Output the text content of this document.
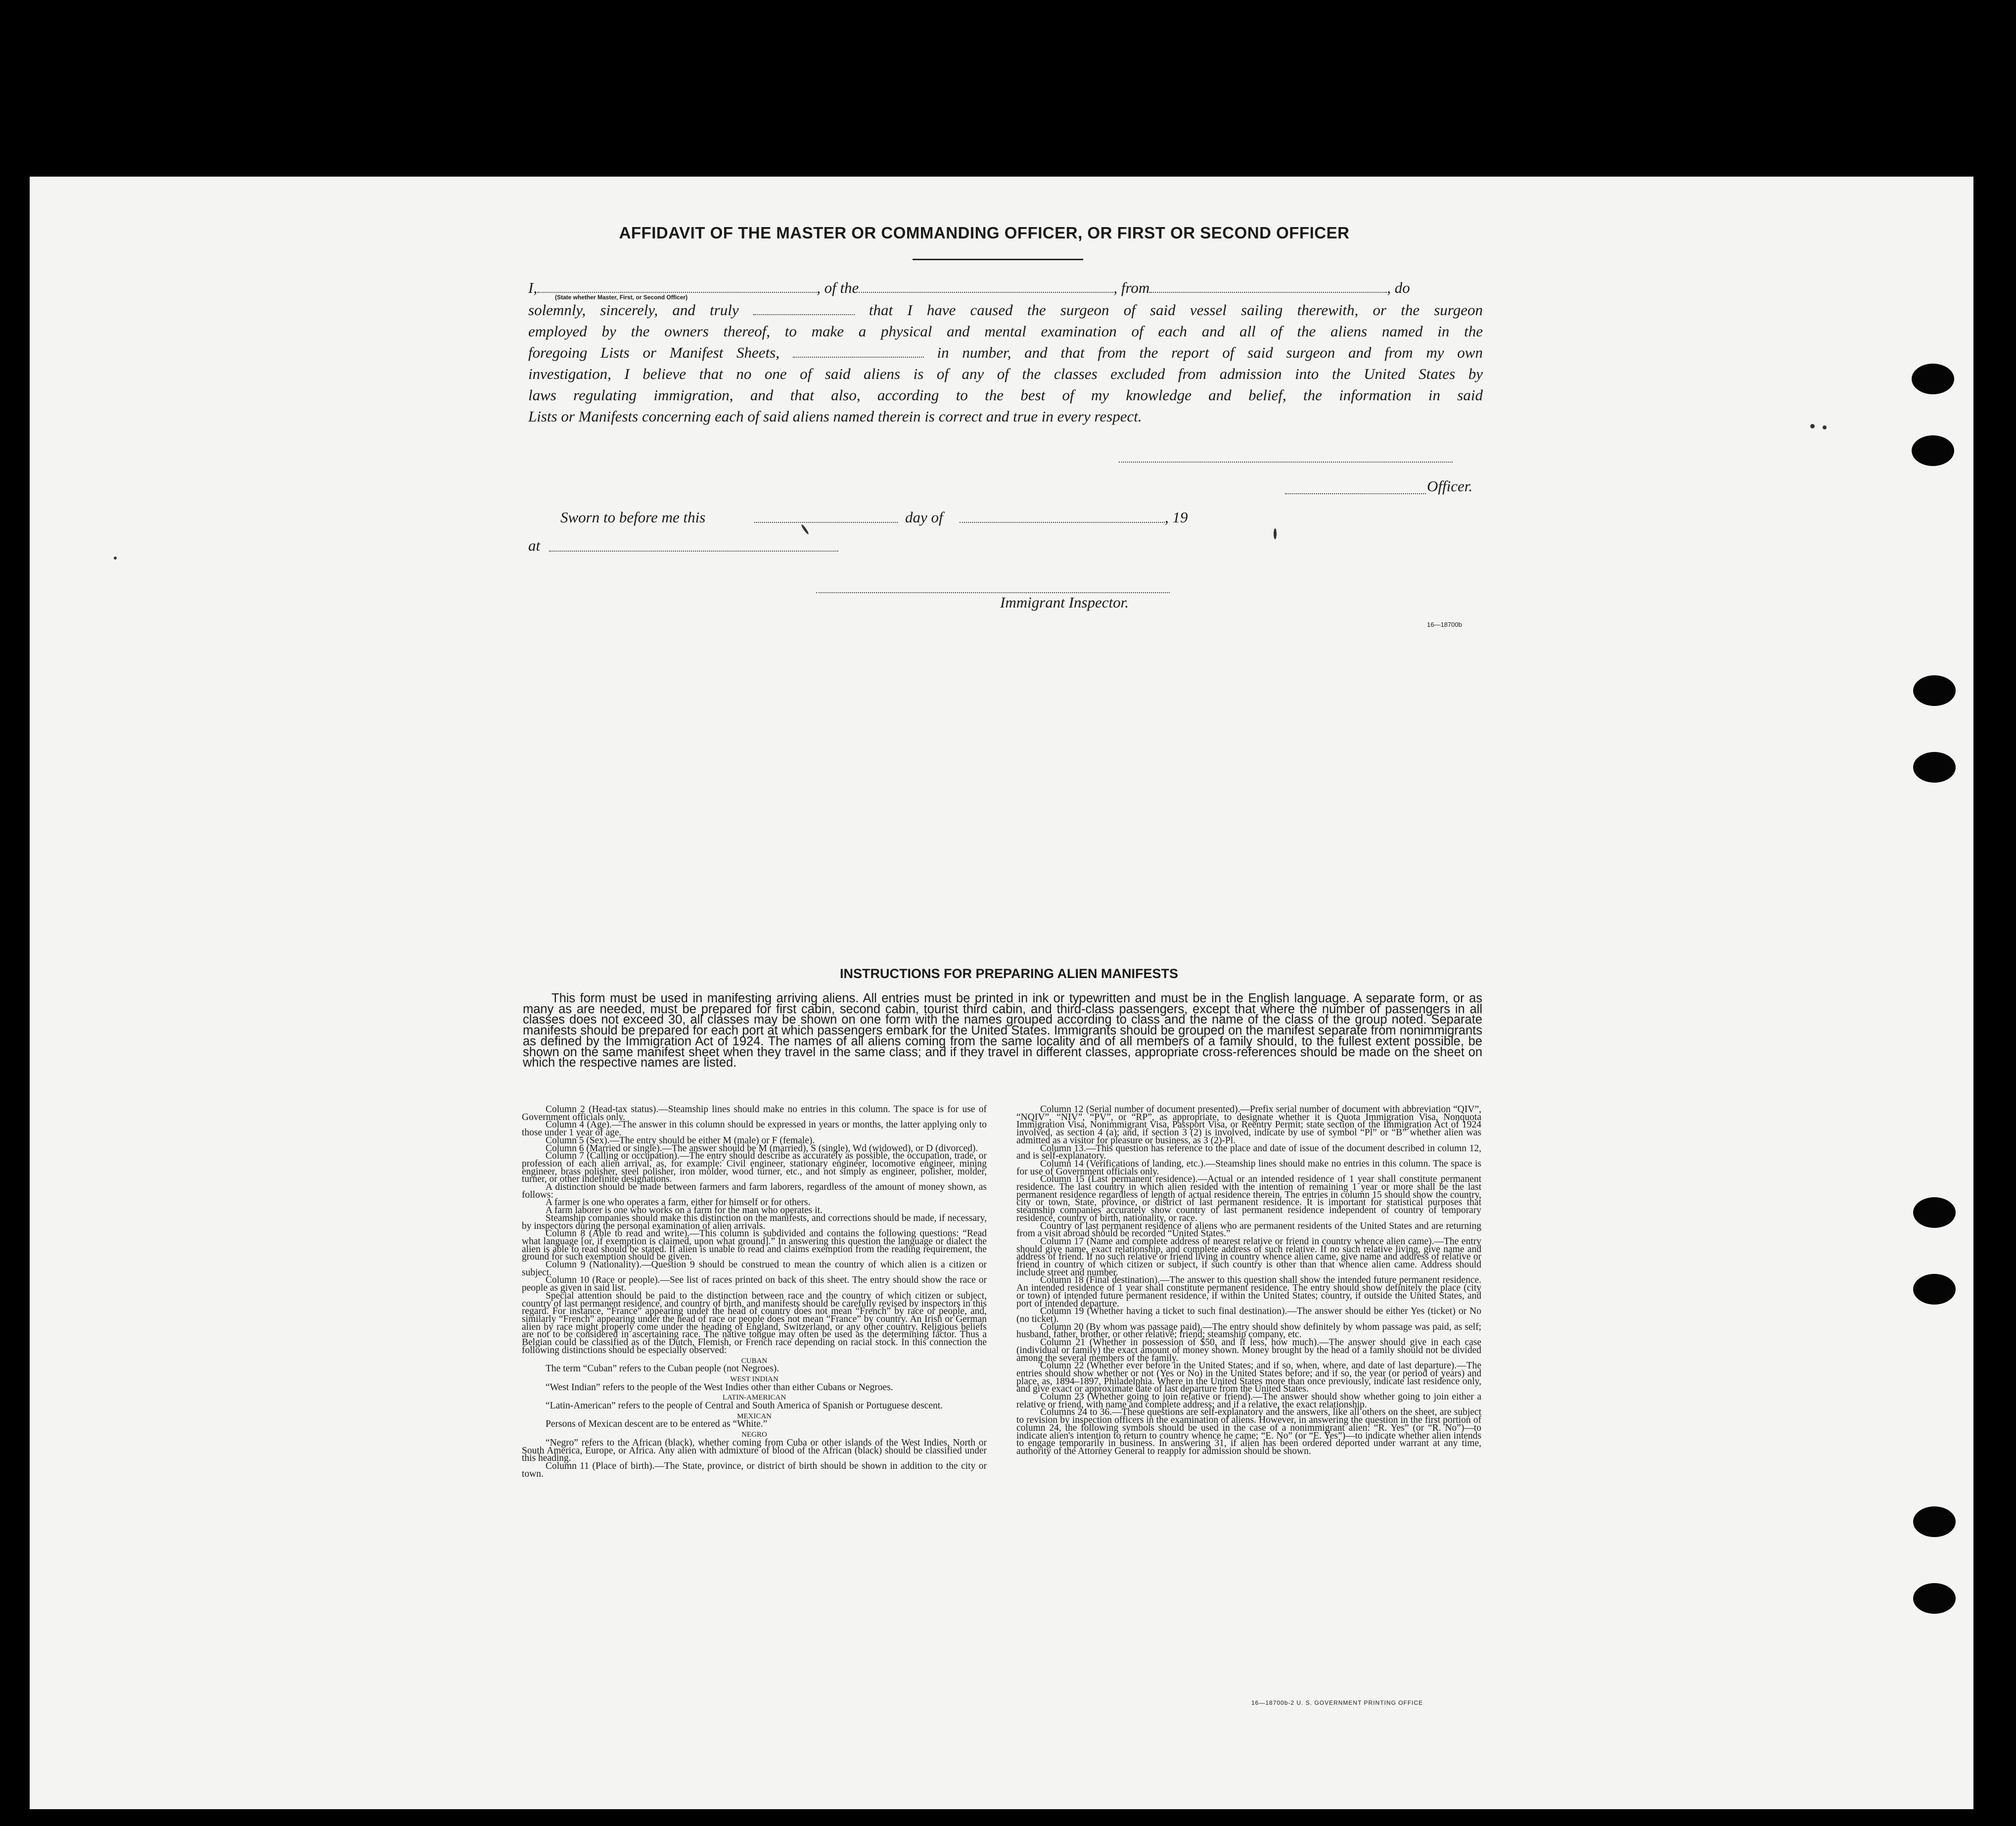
AFFIDAVIT OF THE MASTER OR COMMANDING OFFICER, OR FIRST OR SECOND OFFICER
I,	, of the	, from	, do
(State whether Master, First, or Second Officer)
solemnly, sincerely, and truly	that I have caused the surgeon of said vessel sailing therewith, or the surgeon
employed by the owners thereof, to make a physical and mental examination of each and all of the aliens named in the
foregoing Lists or Manifest Sheets,	in number, and that from the report of said surgeon and from my own
investigation, I believe that no one of said aliens is of any of the classes excluded from admission into the United States by
laws regulating immigration, and that also, according to the best of my knowledge and belief, the information in said
Lists or Manifests concerning each of said aliens named therein is correct and true in every respect.
Officer.
Sworn to before me this	day of	, 19
at
Immigrant Inspector.
16—18700b
INSTRUCTIONS FOR PREPARING ALIEN MANIFESTS
This form must be used in manifesting arriving aliens. All entries must be printed in ink or typewritten and must be in the English language. A separate form, or as many as are needed, must be prepared for first cabin, second cabin, tourist third cabin, and third-class passengers, except that where the number of passengers in all classes does not exceed 30, all classes may be shown on one form with the names grouped according to class and the name of the class of the group noted. Separate manifests should be prepared for each port at which passengers embark for the United States. Immigrants should be grouped on the manifest separate from nonimmigrants as defined by the Immigration Act of 1924. The names of all aliens coming from the same locality and of all members of a family should, to the fullest extent possible, be shown on the same manifest sheet when they travel in the same class; and if they travel in different classes, appropriate cross-references should be made on the sheet on which the respective names are listed.

Column 2 (Head-tax status).—Steamship lines should make no entries in this column. The space is for use of Government officials only.

Column 4 (Age).—The answer in this column should be expressed in years or months, the latter applying only to those under 1 year of age.

Column 5 (Sex).—The entry should be either M (male) or F (female).

Column 6 (Married or single).—The answer should be M (married), S (single), Wd (widowed), or D (divorced).

Column 7 (Calling or occupation).—The entry should describe as accurately as possible, the occupation, trade, or profession of each alien arrival, as, for example: Civil engineer, stationary engineer, locomotive engineer, mining engineer, brass polisher, steel polisher, iron molder, wood turner, etc., and not simply as engineer, polisher, molder, turner, or other indefinite designations.

A distinction should be made between farmers and farm laborers, regardless of the amount of money shown, as follows:

A farmer is one who operates a farm, either for himself or for others.

A farm laborer is one who works on a farm for the man who operates it.

Steamship companies should make this distinction on the manifests, and corrections should be made, if necessary, by inspectors during the personal examination of alien arrivals.

Column 8 (Able to read and write).—This column is subdivided and contains the following questions: “Read what language [or, if exemption is claimed, upon what ground].” In answering this question the language or dialect the alien is able to read should be stated. If alien is unable to read and claims exemption from the reading requirement, the ground for such exemption should be given.

Column 9 (Nationality).—Question 9 should be construed to mean the country of which alien is a citizen or subject.

Column 10 (Race or people).—See list of races printed on back of this sheet. The entry should show the race or people as given in said list.

Special attention should be paid to the distinction between race and the country of which citizen or subject, country of last permanent residence, and country of birth, and manifests should be carefully revised by inspectors in this regard. For instance, “France” appearing under the head of country does not mean “French” by race or people, and, similarly “French” appearing under the head of race or people does not mean “France” by country. An Irish or German alien by race might properly come under the heading of England, Switzerland, or any other country. Religious beliefs are not to be considered in ascertaining race. The native tongue may often be used as the determining factor. Thus a Belgian could be classified as of the Dutch, Flemish, or French race depending on racial stock. In this connection the following distinctions should be especially observed:

CUBAN

The term “Cuban” refers to the Cuban people (not Negroes).

WEST INDIAN

“West Indian” refers to the people of the West Indies other than either Cubans or Negroes.

LATIN-AMERICAN

“Latin-American” refers to the people of Central and South America of Spanish or Portuguese descent.

MEXICAN

Persons of Mexican descent are to be entered as “White.”

NEGRO

“Negro” refers to the African (black), whether coming from Cuba or other islands of the West Indies, North or South America, Europe, or Africa. Any alien with admixture of blood of the African (black) should be classified under this heading.

Column 11 (Place of birth).—The State, province, or district of birth should be shown in addition to the city or town.

Column 12 (Serial number of document presented).—Prefix serial number of document with abbreviation “QIV”, “NQIV”, “NIV”, “PV”, or “RP”, as appropriate, to designate whether it is Quota Immigration Visa, Nonquota Immigration Visa, Nonimmigrant Visa, Passport Visa, or Reentry Permit; state section of the Immigration Act of 1924 involved, as section 4 (a); and, if section 3 (2) is involved, indicate by use of symbol “Pl” or “B” whether alien was admitted as a visitor for pleasure or business, as 3 (2)-Pl.

Column 13.—This question has reference to the place and date of issue of the document described in column 12, and is self-explanatory.

Column 14 (Verifications of landing, etc.).—Steamship lines should make no entries in this column. The space is for use of Government officials only.

Column 15 (Last permanent residence).—Actual or an intended residence of 1 year shall constitute permanent residence. The last country in which alien resided with the intention of remaining 1 year or more shall be the last permanent residence regardless of length of actual residence therein. The entries in column 15 should show the country, city or town, State, province, or district of last permanent residence. It is important for statistical purposes that steamship companies accurately show country of last permanent residence independent of country of temporary residence, country of birth, nationality, or race.

Country of last permanent residence of aliens who are permanent residents of the United States and are returning from a visit abroad should be recorded “United States.”

Column 17 (Name and complete address of nearest relative or friend in country whence alien came).—The entry should give name, exact relationship, and complete address of such relative. If no such relative living, give name and address of friend. If no such relative or friend living in country whence alien came, give name and address of relative or friend in country of which citizen or subject, if such country is other than that whence alien came. Address should include street and number.

Column 18 (Final destination).—The answer to this question shall show the intended future permanent residence. An intended residence of 1 year shall constitute permanent residence. The entry should show definitely the place (city or town) of intended future permanent residence, if within the United States; country, if outside the United States, and port of intended departure.

Column 19 (Whether having a ticket to such final destination).—The answer should be either Yes (ticket) or No (no ticket).

Column 20 (By whom was passage paid).—The entry should show definitely by whom passage was paid, as self; husband, father, brother, or other relative; friend; steamship company, etc.

Column 21 (Whether in possession of $50, and if less, how much).—The answer should give in each case (individual or family) the exact amount of money shown. Money brought by the head of a family should not be divided among the several members of the family.

Column 22 (Whether ever before in the United States; and if so, when, where, and date of last departure).—The entries should show whether or not (Yes or No) in the United States before; and if so, the year (or period of years) and place, as, 1894–1897, Philadelphia. Where in the United States more than once previously, indicate last residence only, and give exact or approximate date of last departure from the United States.

Column 23 (Whether going to join relative or friend).—The answer should show whether going to join either a relative or friend, with name and complete address; and if a relative, the exact relationship.

Columns 24 to 36.—These questions are self-explanatory and the answers, like all others on the sheet, are subject to revision by inspection officers in the examination of aliens. However, in answering the question in the first portion of column 24, the following symbols should be used in the case of a nonimmigrant alien: “R. Yes” (or “R. No”)—to indicate alien's intention to return to country whence he came; “E. No” (or “E. Yes”)—to indicate whether alien intends to engage temporarily in business. In answering 31, if alien has been ordered deported under warrant at any time, authority of the Attorney General to reapply for admission should be shown.

16—18700b-2 U. S. GOVERNMENT PRINTING OFFICE
